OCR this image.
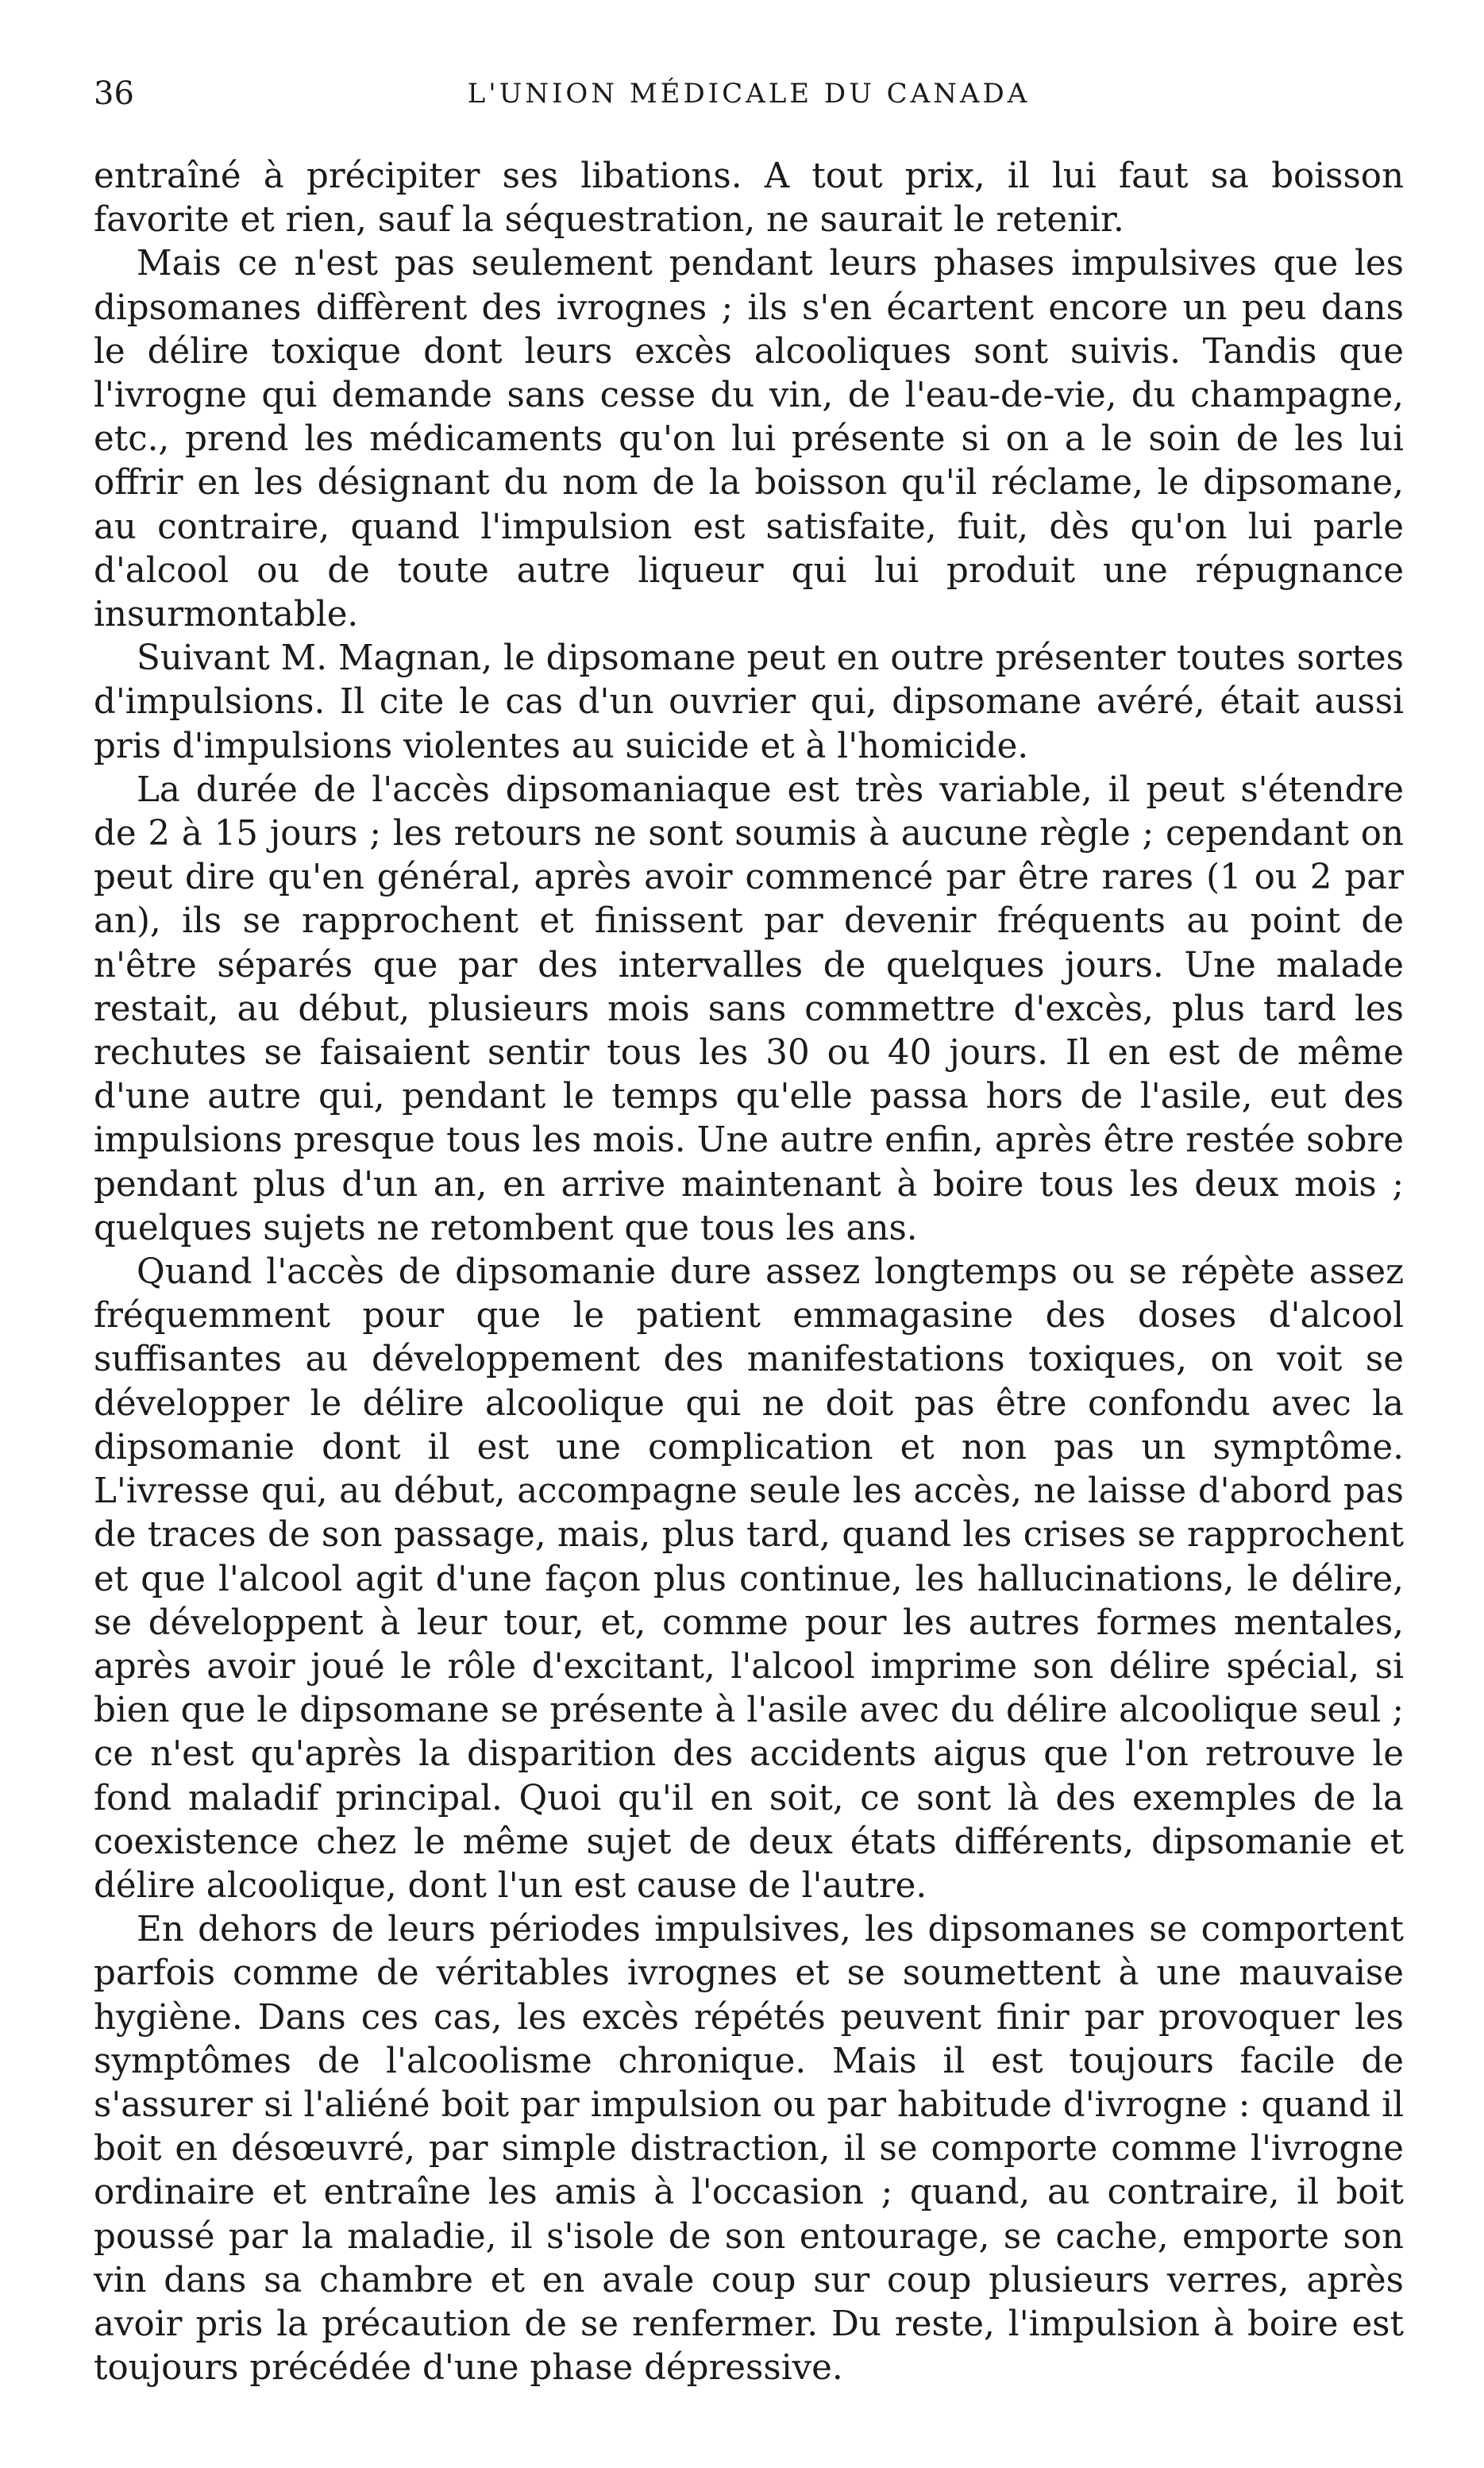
36	L'UNION MÉDICALE DU CANADA

entraîné à précipiter ses libations. A tout prix, il lui faut sa boisson favorite et rien, sauf la séquestration, ne saurait le retenir.

Mais ce n'est pas seulement pendant leurs phases impulsives que les dipsomanes diffèrent des ivrognes ; ils s'en écartent encore un peu dans le délire toxique dont leurs excès alcooliques sont suivis. Tandis que l'ivrogne qui demande sans cesse du vin, de l'eau-de-vie, du champagne, etc., prend les médicaments qu'on lui présente si on a le soin de les lui offrir en les désignant du nom de la boisson qu'il réclame, le dipsomane, au contraire, quand l'impulsion est satisfaite, fuit, dès qu'on lui parle d'alcool ou de toute autre liqueur qui lui produit une répugnance insurmontable.

Suivant M. Magnan, le dipsomane peut en outre présenter toutes sortes d'impulsions. Il cite le cas d'un ouvrier qui, dipsomane avéré, était aussi pris d'impulsions violentes au suicide et à l'homicide.

La durée de l'accès dipsomaniaque est très variable, il peut s'étendre de 2 à 15 jours ; les retours ne sont soumis à aucune règle ; cependant on peut dire qu'en général, après avoir commencé par être rares (1 ou 2 par an), ils se rapprochent et finissent par devenir fréquents au point de n'être séparés que par des intervalles de quelques jours. Une malade restait, au début, plusieurs mois sans commettre d'excès, plus tard les rechutes se faisaient sentir tous les 30 ou 40 jours. Il en est de même d'une autre qui, pendant le temps qu'elle passa hors de l'asile, eut des impulsions presque tous les mois. Une autre enfin, après être restée sobre pendant plus d'un an, en arrive maintenant à boire tous les deux mois ; quelques sujets ne retombent que tous les ans.

Quand l'accès de dipsomanie dure assez longtemps ou se répète assez fréquemment pour que le patient emmagasine des doses d'alcool suffisantes au développement des manifestations toxiques, on voit se développer le délire alcoolique qui ne doit pas être confondu avec la dipsomanie dont il est une complication et non pas un symptôme. L'ivresse qui, au début, accompagne seule les accès, ne laisse d'abord pas de traces de son passage, mais, plus tard, quand les crises se rapprochent et que l'alcool agit d'une façon plus continue, les hallucinations, le délire, se développent à leur tour, et, comme pour les autres formes mentales, après avoir joué le rôle d'excitant, l'alcool imprime son délire spécial, si bien que le dipsomane se présente à l'asile avec du délire alcoolique seul ; ce n'est qu'après la disparition des accidents aigus que l'on retrouve le fond maladif principal. Quoi qu'il en soit, ce sont là des exemples de la coexistence chez le même sujet de deux états différents, dipsomanie et délire alcoolique, dont l'un est cause de l'autre.

En dehors de leurs périodes impulsives, les dipsomanes se comportent parfois comme de véritables ivrognes et se soumettent à une mauvaise hygiène. Dans ces cas, les excès répétés peuvent finir par provoquer les symptômes de l'alcoolisme chronique. Mais il est toujours facile de s'assurer si l'aliéné boit par impulsion ou par habitude d'ivrogne : quand il boit en désœuvré, par simple distraction, il se comporte comme l'ivrogne ordinaire et entraîne les amis à l'occasion ; quand, au contraire, il boit poussé par la maladie, il s'isole de son entourage, se cache, emporte son vin dans sa chambre et en avale coup sur coup plusieurs verres, après avoir pris la précaution de se renfermer. Du reste, l'impulsion à boire est toujours précédée d'une phase dépressive.
